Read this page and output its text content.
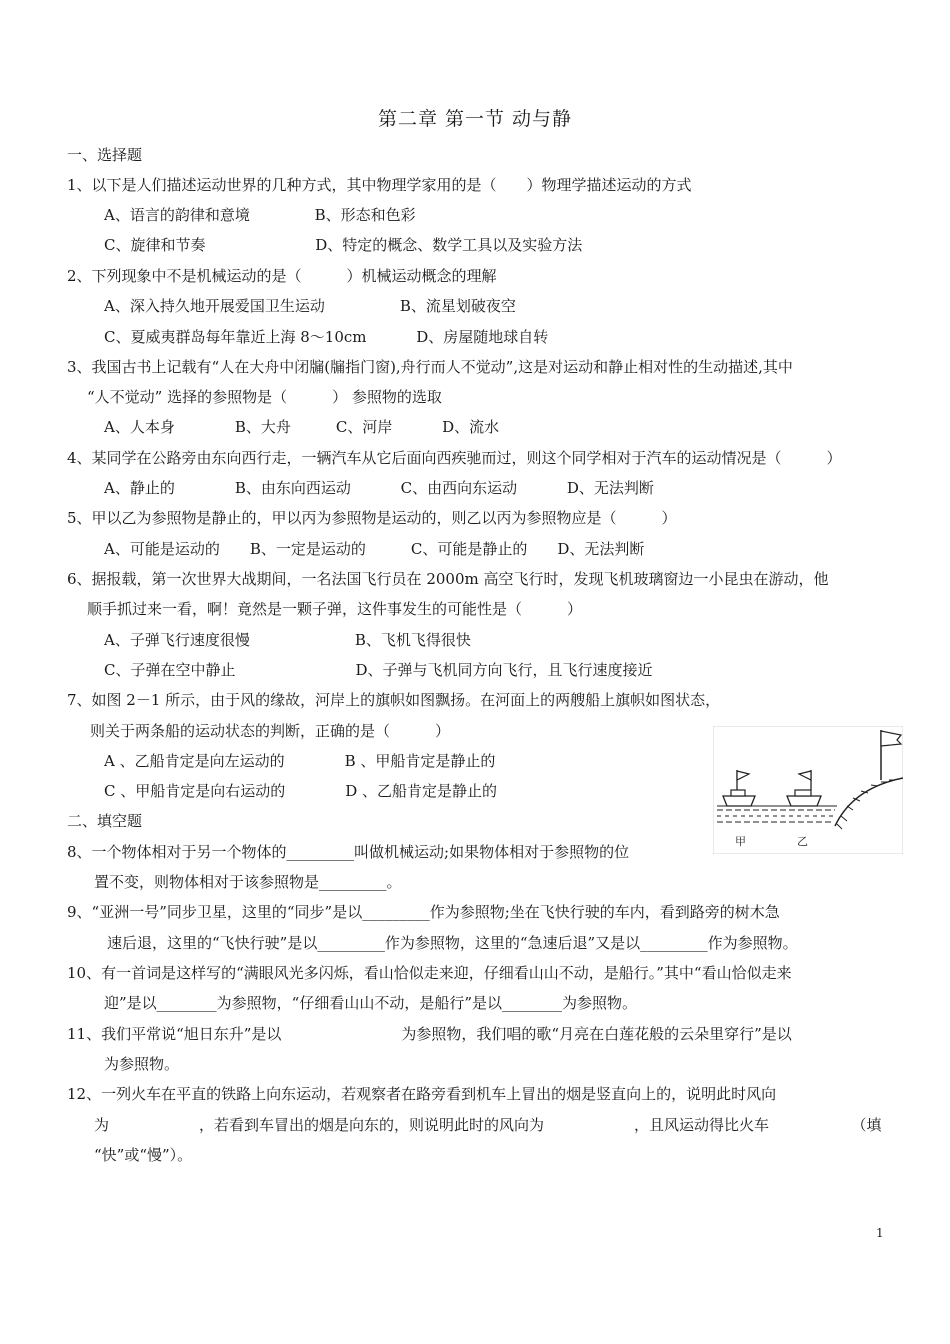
第二章 第一节 动与静
一、选择题
1、以下是人们描述运动世界的几种方式，其中物理学家用的是（　　）物理学描述运动的方式
A、语言的韵律和意境　　　　 B、形态和色彩
C、旋律和节奏　　　　　　　 D、特定的概念、数学工具以及实验方法
2、下列现象中不是机械运动的是（　　　）机械运动概念的理解
A、深入持久地开展爱国卫生运动　　　　　B、流星划破夜空
C、夏威夷群岛每年靠近上海 8～10cm　　　 D、房屋随地球自转
3、我国古书上记载有“人在大舟中闭牖(牖指门窗),舟行而人不觉动”,这是对运动和静止相对性的生动描述,其中
“人不觉动” 选择的参照物是（　　　） 参照物的选取
A、人本身　　　　B、大舟　　　C、河岸　　　 D、流水
4、某同学在公路旁由东向西行走，一辆汽车从它后面向西疾驰而过，则这个同学相对于汽车的运动情况是（　　　）
A、静止的　　　　B、由东向西运动　　　 C、由西向东运动　　　 D、无法判断
5、甲以乙为参照物是静止的，甲以丙为参照物是运动的，则乙以丙为参照物应是（　　　）
A、可能是运动的　　B、一定是运动的　　　C、可能是静止的　　D、无法判断
6、据报载，第一次世界大战期间，一名法国飞行员在 2000m 高空飞行时，发现飞机玻璃窗边一小昆虫在游动，他
顺手抓过来一看，啊！竟然是一颗子弹，这件事发生的可能性是（　　　）
A、子弹飞行速度很慢　　　　　　　B、飞机飞得很快
C、子弹在空中静止　　　　　　　　D、子弹与飞机同方向飞行，且飞行速度接近
7、如图 2－1 所示，由于风的缘故，河岸上的旗帜如图飘扬。在河面上的两艘船上旗帜如图状态，
则关于两条船的运动状态的判断，正确的是（　　　）
A 、乙船肯定是向左运动的　　　　B 、甲船肯定是静止的
C 、甲船肯定是向右运动的　　　　D 、乙船肯定是静止的
二、填空题
8、一个物体相对于另一个物体的_________叫做机械运动;如果物体相对于参照物的位
置不变，则物体相对于该参照物是_________。
9、“亚洲一号”同步卫星，这里的“同步”是以_________作为参照物;坐在飞快行驶的车内，看到路旁的树木急
速后退，这里的“飞快行驶”是以_________作为参照物，这里的“急速后退”又是以_________作为参照物。
10、有一首词是这样写的“满眼风光多闪烁，看山恰似走来迎，仔细看山山不动，是船行。”其中“看山恰似走来
迎”是以________为参照物，“仔细看山山不动，是船行”是以________为参照物。
11、我们平常说“旭日东升”是以　　　　　　　　为参照物，我们唱的歌“月亮在白莲花般的云朵里穿行”是以
为参照物。
12、一列火车在平直的铁路上向东运动，若观察者在路旁看到机车上冒出的烟是竖直向上的，说明此时风向
为　　　　　　，若看到车冒出的烟是向东的，则说明此时的风向为　　　　　　，且风运动得比火车　　　　　　（填
“快”或“慢”）。
甲	乙
1
